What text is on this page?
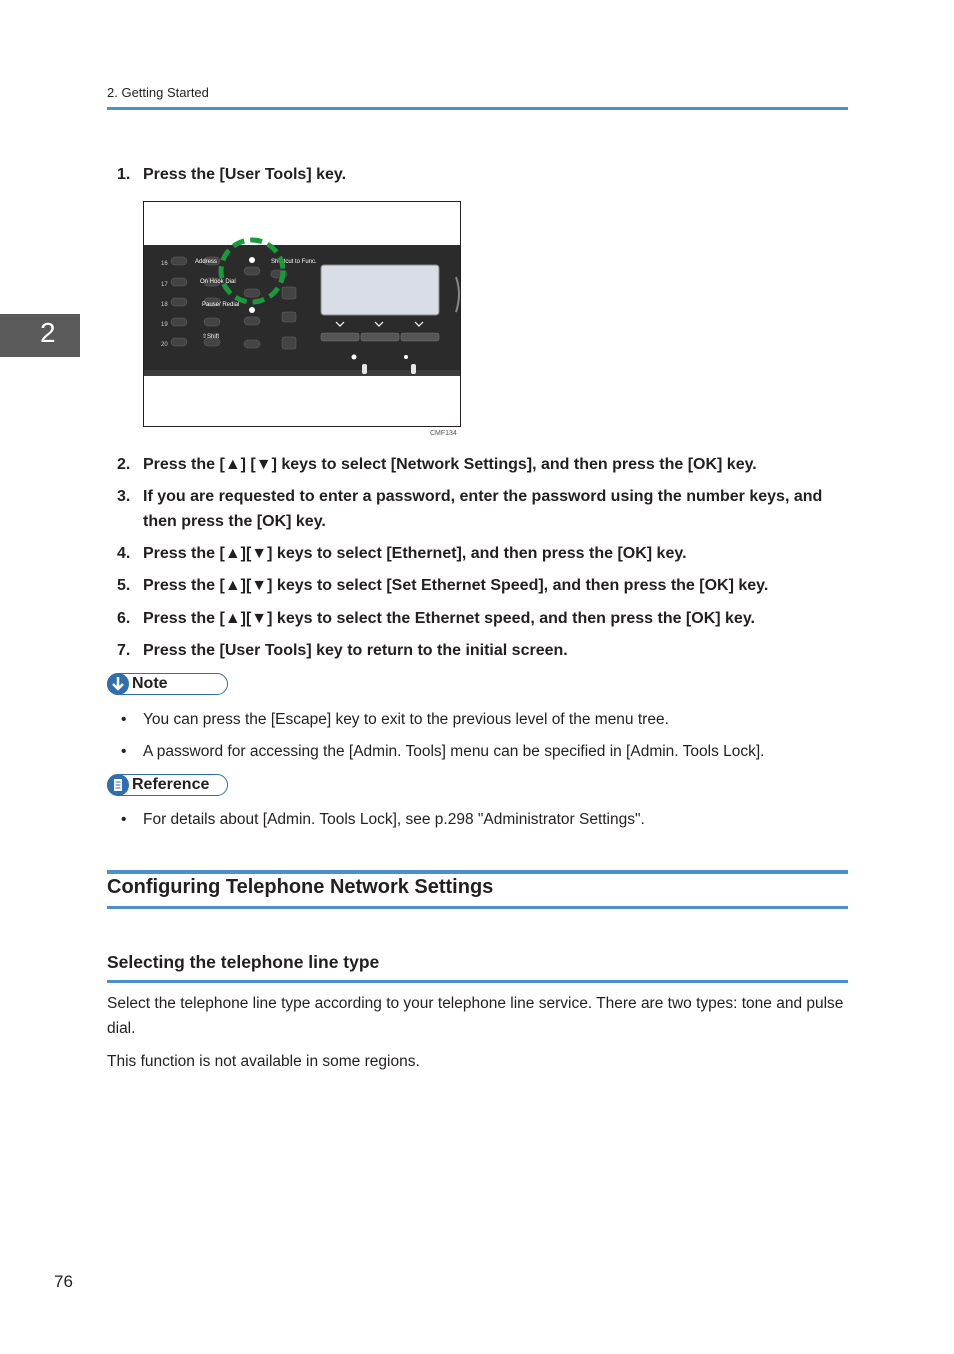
2. Getting Started
2
1. Press the [User Tools] key.
16
17
18
19
20
Address
On Hook Dial
Pause/ Redial
⇧Shift
Shortcut to Func.
CMF134
2. Press the [▲] [▼] keys to select [Network Settings], and then press the [OK] key.
3. If you are requested to enter a password, enter the password using the number keys, and then press the [OK] key.
4. Press the [▲][▼] keys to select [Ethernet], and then press the [OK] key.
5. Press the [▲][▼] keys to select [Set Ethernet Speed], and then press the [OK] key.
6. Press the [▲][▼] keys to select the Ethernet speed, and then press the [OK] key.
7. Press the [User Tools] key to return to the initial screen.
Note
• You can press the [Escape] key to exit to the previous level of the menu tree.
• A password for accessing the [Admin. Tools] menu can be specified in [Admin. Tools Lock].
Reference
• For details about [Admin. Tools Lock], see p.298 "Administrator Settings".
Configuring Telephone Network Settings
Selecting the telephone line type
Select the telephone line type according to your telephone line service. There are two types: tone and pulse dial.
This function is not available in some regions.
76
